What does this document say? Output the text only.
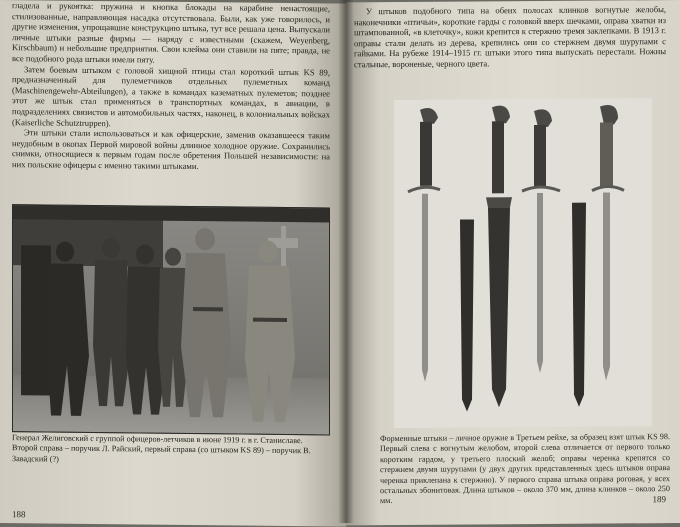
гладела и рукоятка: пружина и кнопка блокады на карабине ненастоящие, стилизованные, направляющая насадка отсутствовала. Были, как уже говорилось, и другие изменения, упрощавшие конструкцию штыка, тут все решала цена. Выпускали личные штыки разные фирмы — наряду с известными (скажем, Weyenberg, Kirschbaum) и небольшие предприятия. Свои клейма они ставили на пяте; правда, не все подобного рода штыки имели пяту.

Затем боевым штыком с головой хищной птицы стал короткий штык KS 89, предназначенный для пулеметчиков отдельных пулеметных команд (Maschinengewehr-Abteilungen), а также в командах казематных пулеметов; позднее этот же штык стал применяться в транспортных командах, в авиации, в подразделениях связистов и автомобильных частях, наконец, в колониальных войсках (Kaiserliche Schutztruppen).

Эти штыки стали использоваться и как офицерские, заменив оказавшееся таким неудобным в окопах Первой мировой войны длинное холодное оружие. Сохранились снимки, относящиеся к первым годам после обретения Польшей независимости: на них польские офицеры с именно такими штыками.

Генерал Желиговский с группой офицеров-летчиков в июне 1919 г. в г. Станиславе. Второй справа – поручик Л. Райский, первый справа (со штыком KS 89) – поручик В. Завадский (?)
188

У штыков подобного типа на обеих полосах клинков вогнутые желобы, наконечники «птичьи», короткие гарды с головкой вверх шечками, оправа хватки из штампованной, «в клеточку», кожи крепится к стержню тремя заклепками. В 1913 г. оправы стали делать из дерева, крепились они со стержнем двумя шурупами с гайками. На рубеже 1914–1915 гг. штыки этого типа выпускать перестали. Ножны стальные, вороненые, черного цвета.

Форменные штыки – личное оружие в Третьем рейхе, за образец взят штык KS 98. Первый слева с вогнутым желобом, второй слева отличается от первого только коротким гардом, у третьего плоский желоб; оправы черенка крепятся со стержнем двумя шурупами (у двух других представленных здесь штыков оправа черенка приклепана к стержню). У первого справа штыка оправа роговая, у всех остальных эбонитовая. Длина штыков – около 370 мм, длина клинков – около 250 мм.	189
